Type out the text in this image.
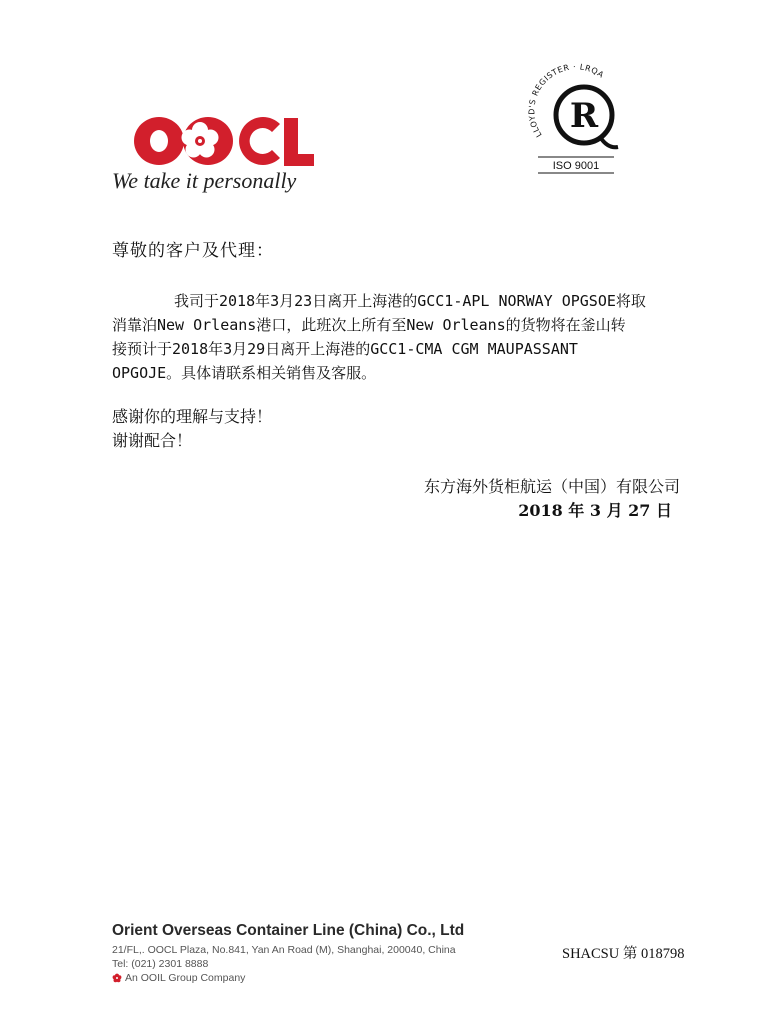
We take it personally
LLOYD'S REGISTER · LRQA
R
ISO 9001
尊敬的客户及代理：
我司于2018年3月23日离开上海港的GCC1-APL NORWAY OPGSOE将取
消靠泊New Orleans港口，此班次上所有至New Orleans的货物将在釜山转
接预计于2018年3月29日离开上海港的GCC1-CMA CGM MAUPASSANT
OPGOJE。具体请联系相关销售及客服。
感谢你的理解与支持！
谢谢配合！
东方海外货柜航运（中国）有限公司
2018 年 3 月 27 日
Orient Overseas Container Line (China) Co., Ltd
21/FL,. OOCL Plaza, No.841, Yan An Road (M), Shanghai, 200040, China
Tel: (021) 2301 8888
An OOIL Group Company
SHACSU 第 018798
